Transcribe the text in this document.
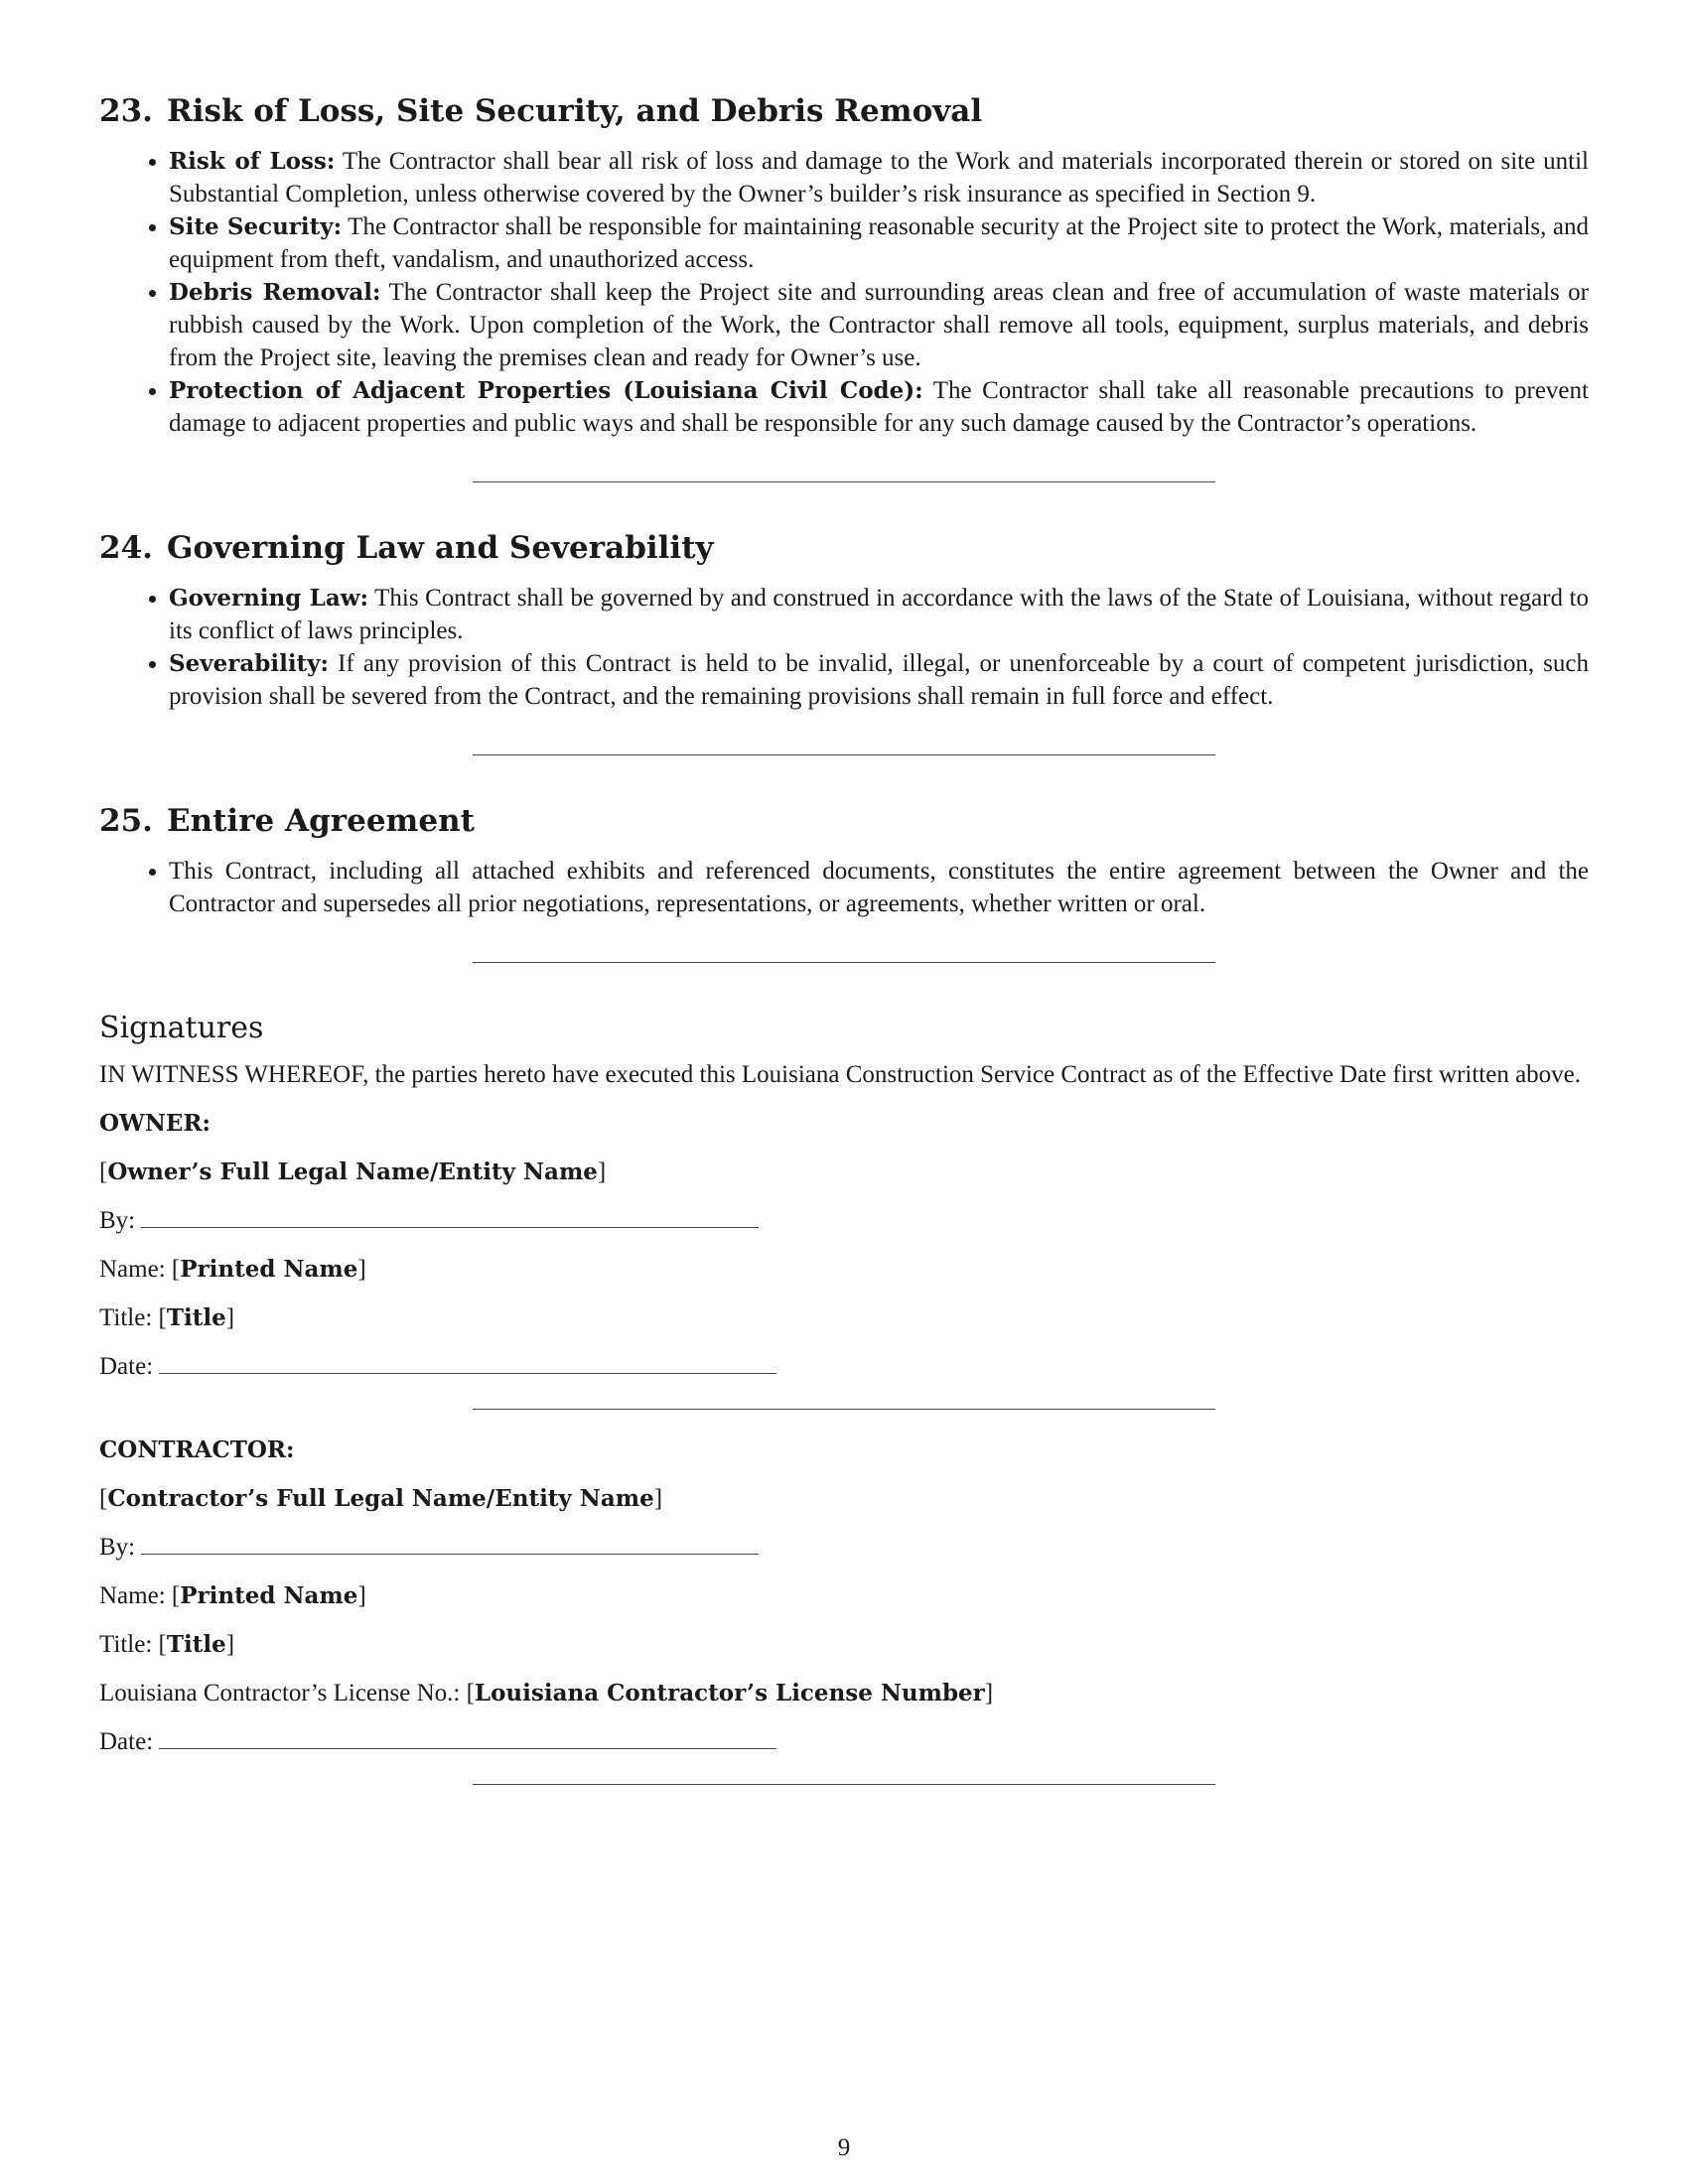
23. Risk of Loss, Site Security, and Debris Removal
• Risk of Loss: The Contractor shall bear all risk of loss and damage to the Work and materials incorporated therein or stored on site until Substantial Completion, unless otherwise covered by the Owner’s builder’s risk insurance as specified in Section 9.
• Site Security: The Contractor shall be responsible for maintaining reasonable security at the Project site to protect the Work, materials, and equipment from theft, vandalism, and unauthorized access.
• Debris Removal: The Contractor shall keep the Project site and surrounding areas clean and free of accumulation of waste materials or rubbish caused by the Work. Upon completion of the Work, the Contractor shall remove all tools, equipment, surplus materials, and debris from the Project site, leaving the premises clean and ready for Owner’s use.
• Protection of Adjacent Properties (Louisiana Civil Code): The Contractor shall take all reasonable precautions to prevent damage to adjacent properties and public ways and shall be responsible for any such damage caused by the Contractor’s operations.
24. Governing Law and Severability
• Governing Law: This Contract shall be governed by and construed in accordance with the laws of the State of Louisiana, without regard to its conflict of laws principles.
• Severability: If any provision of this Contract is held to be invalid, illegal, or unenforceable by a court of competent jurisdiction, such provision shall be severed from the Contract, and the remaining provisions shall remain in full force and effect.
25. Entire Agreement
• This Contract, including all attached exhibits and referenced documents, constitutes the entire agreement between the Owner and the Contractor and supersedes all prior negotiations, representations, or agreements, whether written or oral.
Signatures

IN WITNESS WHEREOF, the parties hereto have executed this Louisiana Construction Service Contract as of the Effective Date first written above.

OWNER:

[Owner’s Full Legal Name/Entity Name]

By:

Name: [Printed Name]

Title: [Title]

Date:

CONTRACTOR:

[Contractor’s Full Legal Name/Entity Name]

By:

Name: [Printed Name]

Title: [Title]

Louisiana Contractor’s License No.: [Louisiana Contractor’s License Number]

Date:

9
